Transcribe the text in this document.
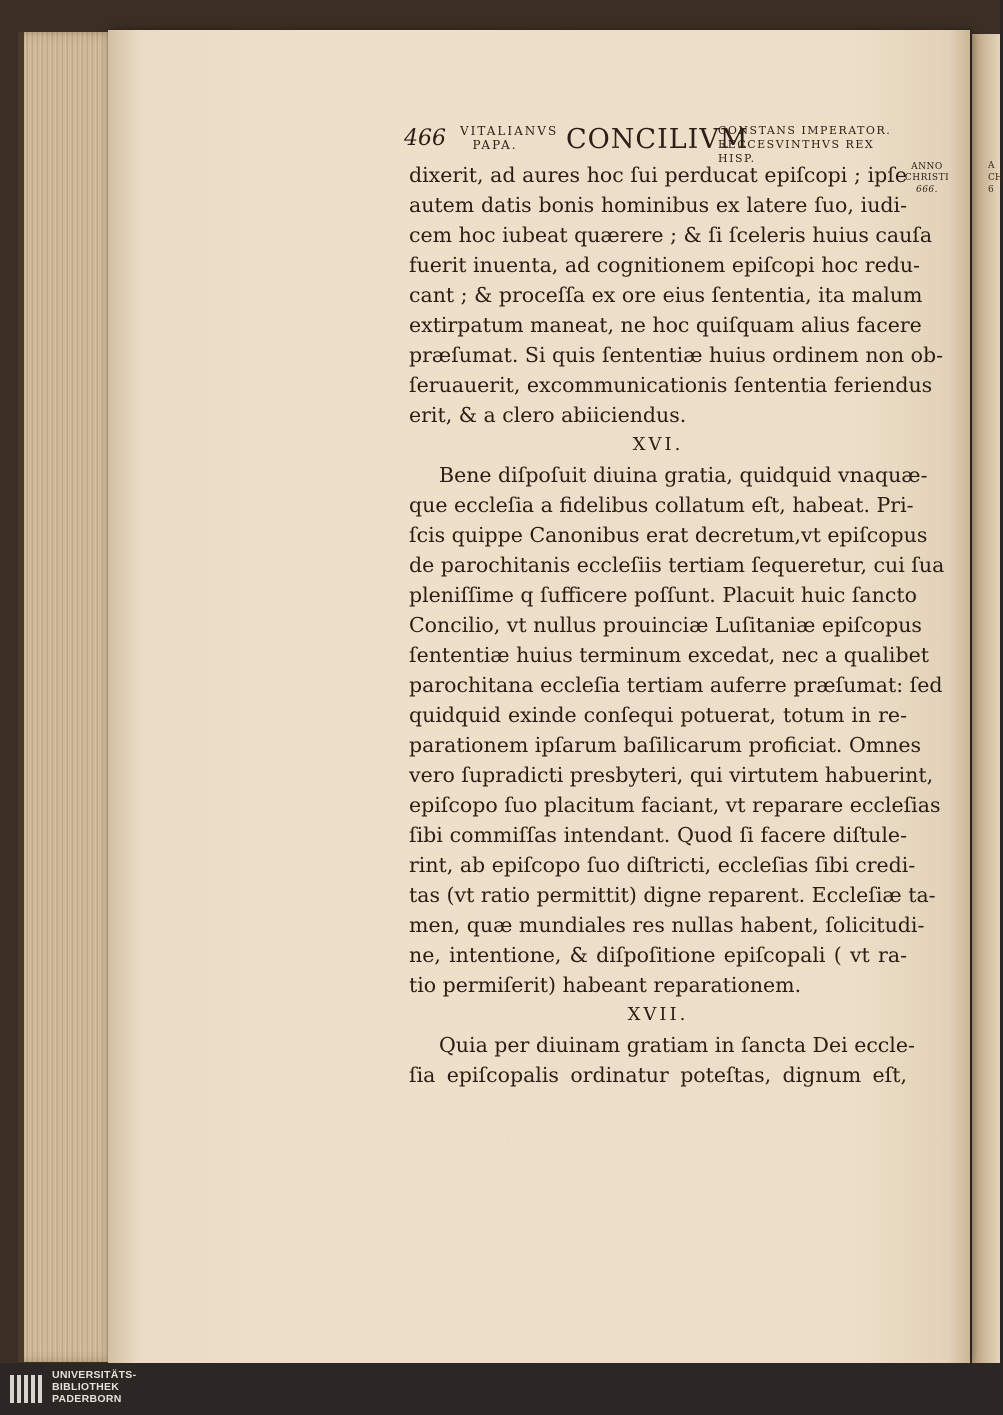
A
CH
6
466 VITALIANVS
PAPA.	CONCILIVM
CONSTANS IMPERATOR.
RECCESVINTHVS REX HISP.
ANNO
CHRISTI
666.
dixerit, ad aures hoc ſui perducat epiſcopi ; ipſe
autem datis bonis hominibus ex latere ſuo, iudi-
cem hoc iubeat quærere ; & ſi ſceleris huius cauſa
fuerit inuenta, ad cognitionem epiſcopi hoc redu-
cant ; & proceſſa ex ore eius ſententia, ita malum
extirpatum maneat, ne hoc quiſquam alius facere
præſumat. Si quis ſententiæ huius ordinem non ob-
ſeruauerit, excommunicationis ſententia feriendus
erit, & a clero abiiciendus.
XVI.
Bene diſpoſuit diuina gratia, quidquid vnaquæ-
que eccleſia a fidelibus collatum eſt, habeat. Pri-
ſcis quippe Canonibus erat decretum,vt epiſcopus
de parochitanis eccleſiis tertiam ſequeretur, cui ſua
pleniſſime q ſufficere poſſunt. Placuit huic ſancto
Concilio, vt nullus prouinciæ Luſitaniæ epiſcopus
ſententiæ huius terminum excedat, nec a qualibet
parochitana eccleſia tertiam auferre præſumat: ſed
quidquid exinde conſequi potuerat, totum in re-
parationem ipſarum baſilicarum proficiat. Omnes
vero ſupradicti presbyteri, qui virtutem habuerint,
epiſcopo ſuo placitum faciant, vt reparare eccleſias
ſibi commiſſas intendant. Quod ſi facere diſtule-
rint, ab epiſcopo ſuo diſtricti, eccleſias ſibi credi-
tas (vt ratio permittit) digne reparent. Eccleſiæ ta-
men, quæ mundiales res nullas habent, ſolicitudi-
ne, intentione, & diſpoſitione epiſcopali ( vt ra-
tio permiſerit) habeant reparationem.
XVII.
Quia per diuinam gratiam in ſancta Dei eccle-
ſia epiſcopalis ordinatur poteſtas, dignum eſt,
UNIVERSITÄTS-
BIBLIOTHEK
PADERBORN
